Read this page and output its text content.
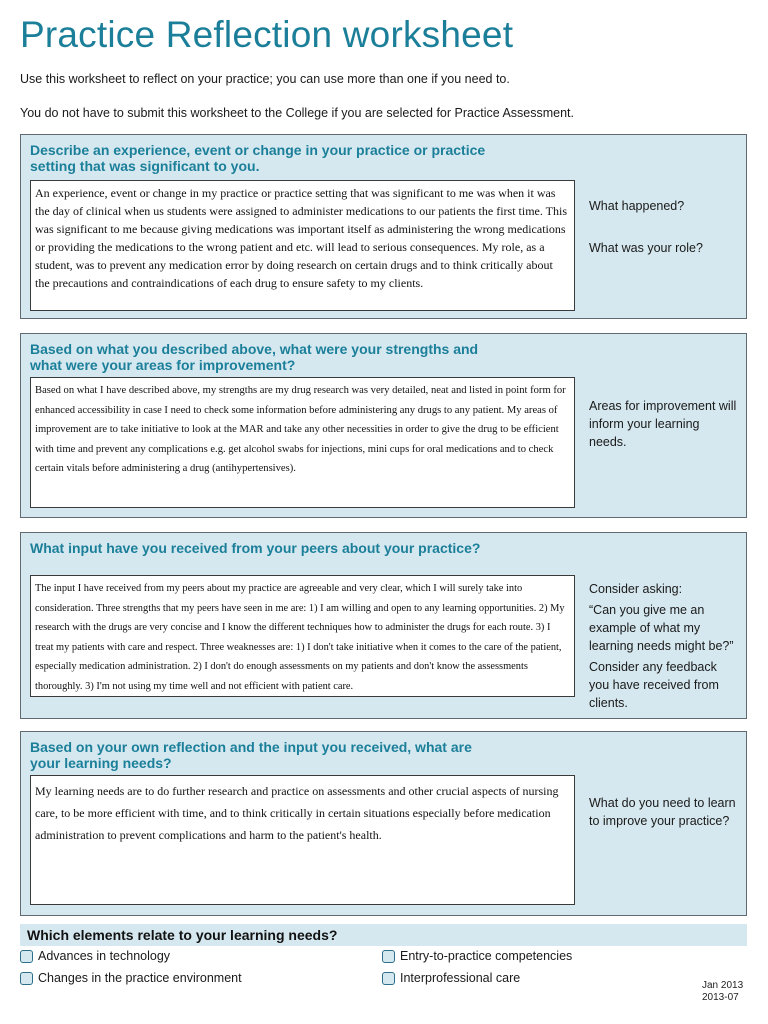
Practice Reflection worksheet

Use this worksheet to reflect on your practice; you can use more than one if you need to.

You do not have to submit this worksheet to the College if you are selected for Practice Assessment.

Describe an experience, event or change in your practice or practice setting that was significant to you.

An experience, event or change in my practice or practice setting that was significant to me was when it was the day of clinical when us students were assigned to administer medications to our patients the first time. This was significant to me because giving medications was important itself as administering the wrong medications or providing the medications to the wrong patient and etc. will lead to serious consequences. My role, as a student, was to prevent any medication error by doing research on certain drugs and to think critically about the precautions and contraindications of each drug to ensure safety to my clients.

What happened?

What was your role?

Based on what you described above, what were your strengths and what were your areas for improvement?

Based on what I have described above, my strengths are my drug research was very detailed, neat and listed in point form for enhanced accessibility in case I need to check some information before administering any drugs to any patient. My areas of improvement are to take initiative to look at the MAR and take any other necessities in order to give the drug to be efficient with time and prevent any complications e.g. get alcohol swabs for injections, mini cups for oral medications and to check certain vitals before administering a drug (antihypertensives).

Areas for improvement will inform your learning needs.

What input have you received from your peers about your practice?

The input I have received from my peers about my practice are agreeable and very clear, which I will surely take into consideration. Three strengths that my peers have seen in me are: 1) I am willing and open to any learning opportunities. 2) My research with the drugs are very concise and I know the different techniques how to administer the drugs for each route. 3) I treat my patients with care and respect. Three weaknesses are: 1) I don't take initiative when it comes to the care of the patient, especially medication administration. 2) I don't do enough assessments on my patients and don't know the assessments thoroughly. 3) I'm not using my time well and not efficient with patient care.

Consider asking:

“Can you give me an example of what my learning needs might be?”

Consider any feedback you have received from clients.

Based on your own reflection and the input you received, what are your learning needs?

My learning needs are to do further research and practice on assessments and other crucial aspects of nursing care, to be more efficient with time, and to think critically in certain situations especially before medication administration to prevent complications and harm to the patient's health.

What do you need to learn to improve your practice?

Which elements relate to your learning needs?

Advances in technology	Entry-to-practice competencies
Changes in the practice environment	Interprofessional care
Jan 2013
2013-07
